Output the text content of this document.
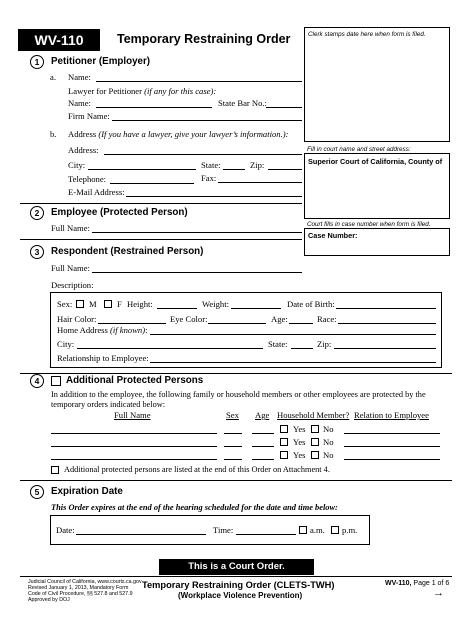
WV-110	Temporary Restraining Order	Clerk stamps date here when form is filed.
Fill in court name and street address:
Superior Court of California, County of
Court fills in case number when form is filed.
Case Number:
1	Petitioner (Employer)
a. Name:
Lawyer for Petitioner (if any for this case):
Name:	State Bar No.:
Firm Name:
b. Address (If you have a lawyer, give your lawyer’s information.):
Address:
City:	State:	Zip:
Telephone:	Fax:
E-Mail Address:
2	Employee (Protected Person)
Full Name:
3	Respondent (Restrained Person)
Full Name:
Description:
Sex: M F Height:	Weight:	Date of Birth:
Hair Color:	Eye Color:	Age:	Race:
Home Address (if known):
City:	State:	Zip:
Relationship to Employee:
4	Additional Protected Persons
In addition to the employee, the following family or household members or other employees are protected by the
temporary orders indicated below:
Full Name	Sex Age Household Member? Relation to Employee
Yes No
Yes No
Yes No
Additional protected persons are listed at the end of this Order on Attachment 4.
5	Expiration Date
This Order expires at the end of the hearing scheduled for the date and time below:
Date:	Time:	a.m. p.m.
This is a Court Order.
Judicial Council of California, www.courts.ca.gov
Revised January 1, 2013, Mandatory Form
Code of Civil Procedure, §§ 527.8 and 527.9
Approved by DOJ
Temporary Restraining Order (CLETS-TWH)
(Workplace Violence Prevention)
WV-110, Page 1 of 6
→
